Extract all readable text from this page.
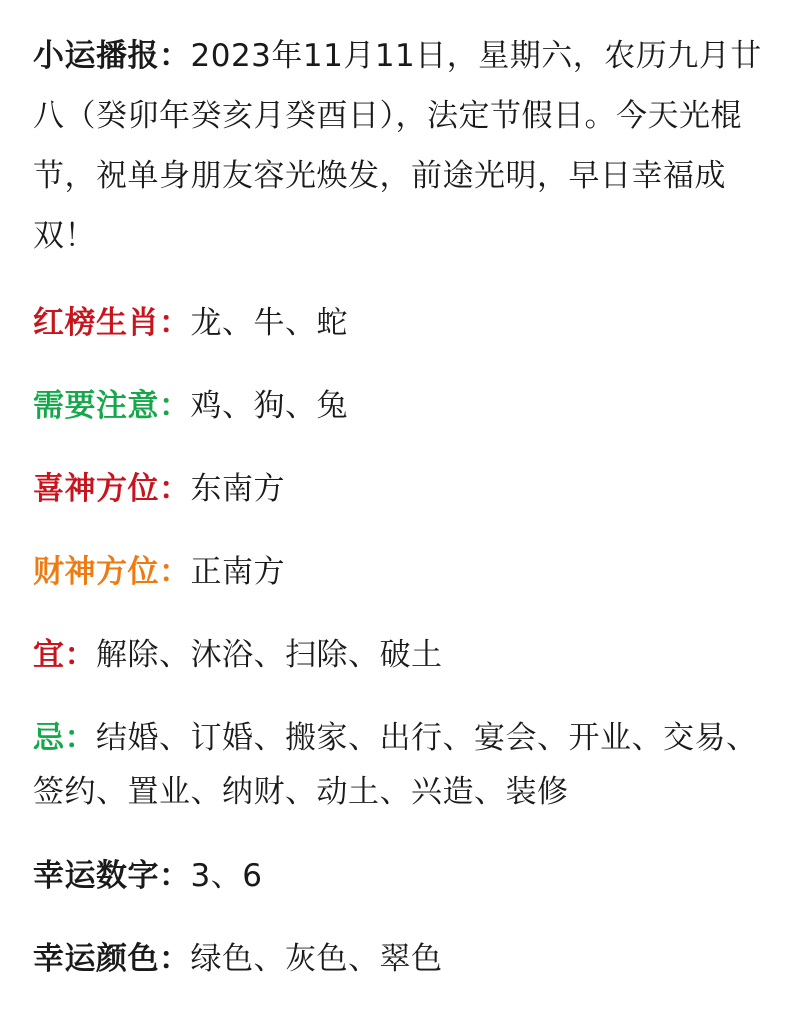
小运播报：2023年11月11日，星期六，农历九月廿八（癸卯年癸亥月癸酉日），法定节假日。今天光棍节，祝单身朋友容光焕发，前途光明，早日幸福成双！

红榜生肖：龙、牛、蛇

需要注意：鸡、狗、兔

喜神方位：东南方

财神方位：正南方

宜：解除、沐浴、扫除、破土

忌：结婚、订婚、搬家、出行、宴会、开业、交易、签约、置业、纳财、动土、兴造、装修

幸运数字：3、6

幸运颜色：绿色、灰色、翠色
